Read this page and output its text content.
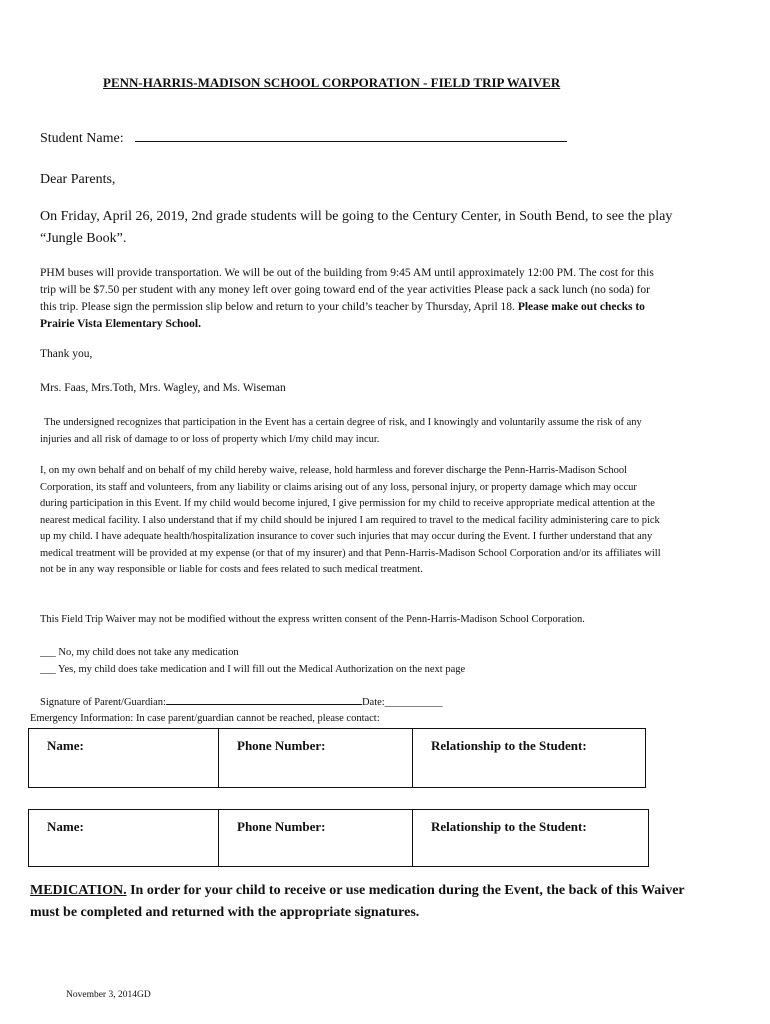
PENN-HARRIS-MADISON SCHOOL CORPORATION - FIELD TRIP WAIVER
Student Name:
Dear Parents,
On Friday, April 26, 2019, 2nd grade students will be going to the Century Center, in South Bend, to see the play “Jungle Book”.
PHM buses will provide transportation. We will be out of the building from 9:45 AM until approximately 12:00 PM. The cost for this trip will be $7.50 per student with any money left over going toward end of the year activities Please pack a sack lunch (no soda) for this trip. Please sign the permission slip below and return to your child’s teacher by Thursday, April 18. Please make out checks to Prairie Vista Elementary School.
Thank you,
Mrs. Faas, Mrs.Toth, Mrs. Wagley, and Ms. Wiseman
The undersigned recognizes that participation in the Event has a certain degree of risk, and I knowingly and voluntarily assume the risk of any injuries and all risk of damage to or loss of property which I/my child may incur.
I, on my own behalf and on behalf of my child hereby waive, release, hold harmless and forever discharge the Penn-Harris-Madison School Corporation, its staff and volunteers, from any liability or claims arising out of any loss, personal injury, or property damage which may occur during participation in this Event. If my child would become injured, I give permission for my child to receive appropriate medical attention at the nearest medical facility. I also understand that if my child should be injured I am required to travel to the medical facility administering care to pick up my child. I have adequate health/hospitalization insurance to cover such injuries that may occur during the Event. I further understand that any medical treatment will be provided at my expense (or that of my insurer) and that Penn-Harris-Madison School Corporation and/or its affiliates will not be in any way responsible or liable for costs and fees related to such medical treatment.
This Field Trip Waiver may not be modified without the express written consent of the Penn-Harris-Madison School Corporation.
___ No, my child does not take any medication
___ Yes, my child does take medication and I will fill out the Medical Authorization on the next page
Signature of Parent/Guardian:	Date:___________
Emergency Information: In case parent/guardian cannot be reached, please contact:
Name:	Phone Number:	Relationship to the Student:
Name:	Phone Number:	Relationship to the Student:
MEDICATION. In order for your child to receive or use medication during the Event, the back of this Waiver must be completed and returned with the appropriate signatures.
November 3, 2014GD
